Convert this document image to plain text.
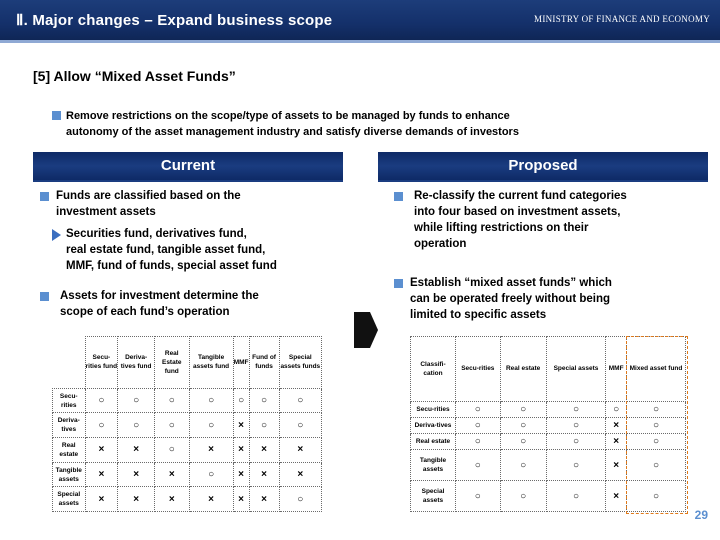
Ⅱ. Major changes – Expand business scope	MINISTRY OF FINANCE AND ECONOMY
[5] Allow “Mixed Asset Funds”
Remove restrictions on the scope/type of assets to be managed by funds to enhance
autonomy of the asset management industry and satisfy diverse demands of investors
Current	Proposed
Funds are classified based on the
investment assets
Securities fund, derivatives fund,
real estate fund, tangible asset fund,
MMF, fund of funds, special asset fund
Assets for investment determine the
scope of each fund’s operation
	Secu-rities fund	Deriva-tives fund	Real Estate fund	Tangible assets fund	MMF	Fund of funds	Special assets funds
Secu-rities	○	○	○	○	○	○	○
Deriva-tives	○	○	○	○	×	○	○
Real estate	×	×	○	×	×	×	×
Tangible assets	×	×	×	○	×	×	×
Special assets	×	×	×	×	×	×	○
Re-classify the current fund categories
into four based on investment assets,
while lifting restrictions on their
operation
Establish “mixed asset funds” which
can be operated freely without being
limited to specific assets
Classifi-cation	Secu-rities	Real estate	Special assets	MMF	Mixed asset fund
Secu-rities	○	○	○	○	○
Deriva-tives	○	○	○	×	○
Real estate	○	○	○	×	○
Tangible assets	○	○	○	×	○
Special assets	○	○	○	×	○
29
